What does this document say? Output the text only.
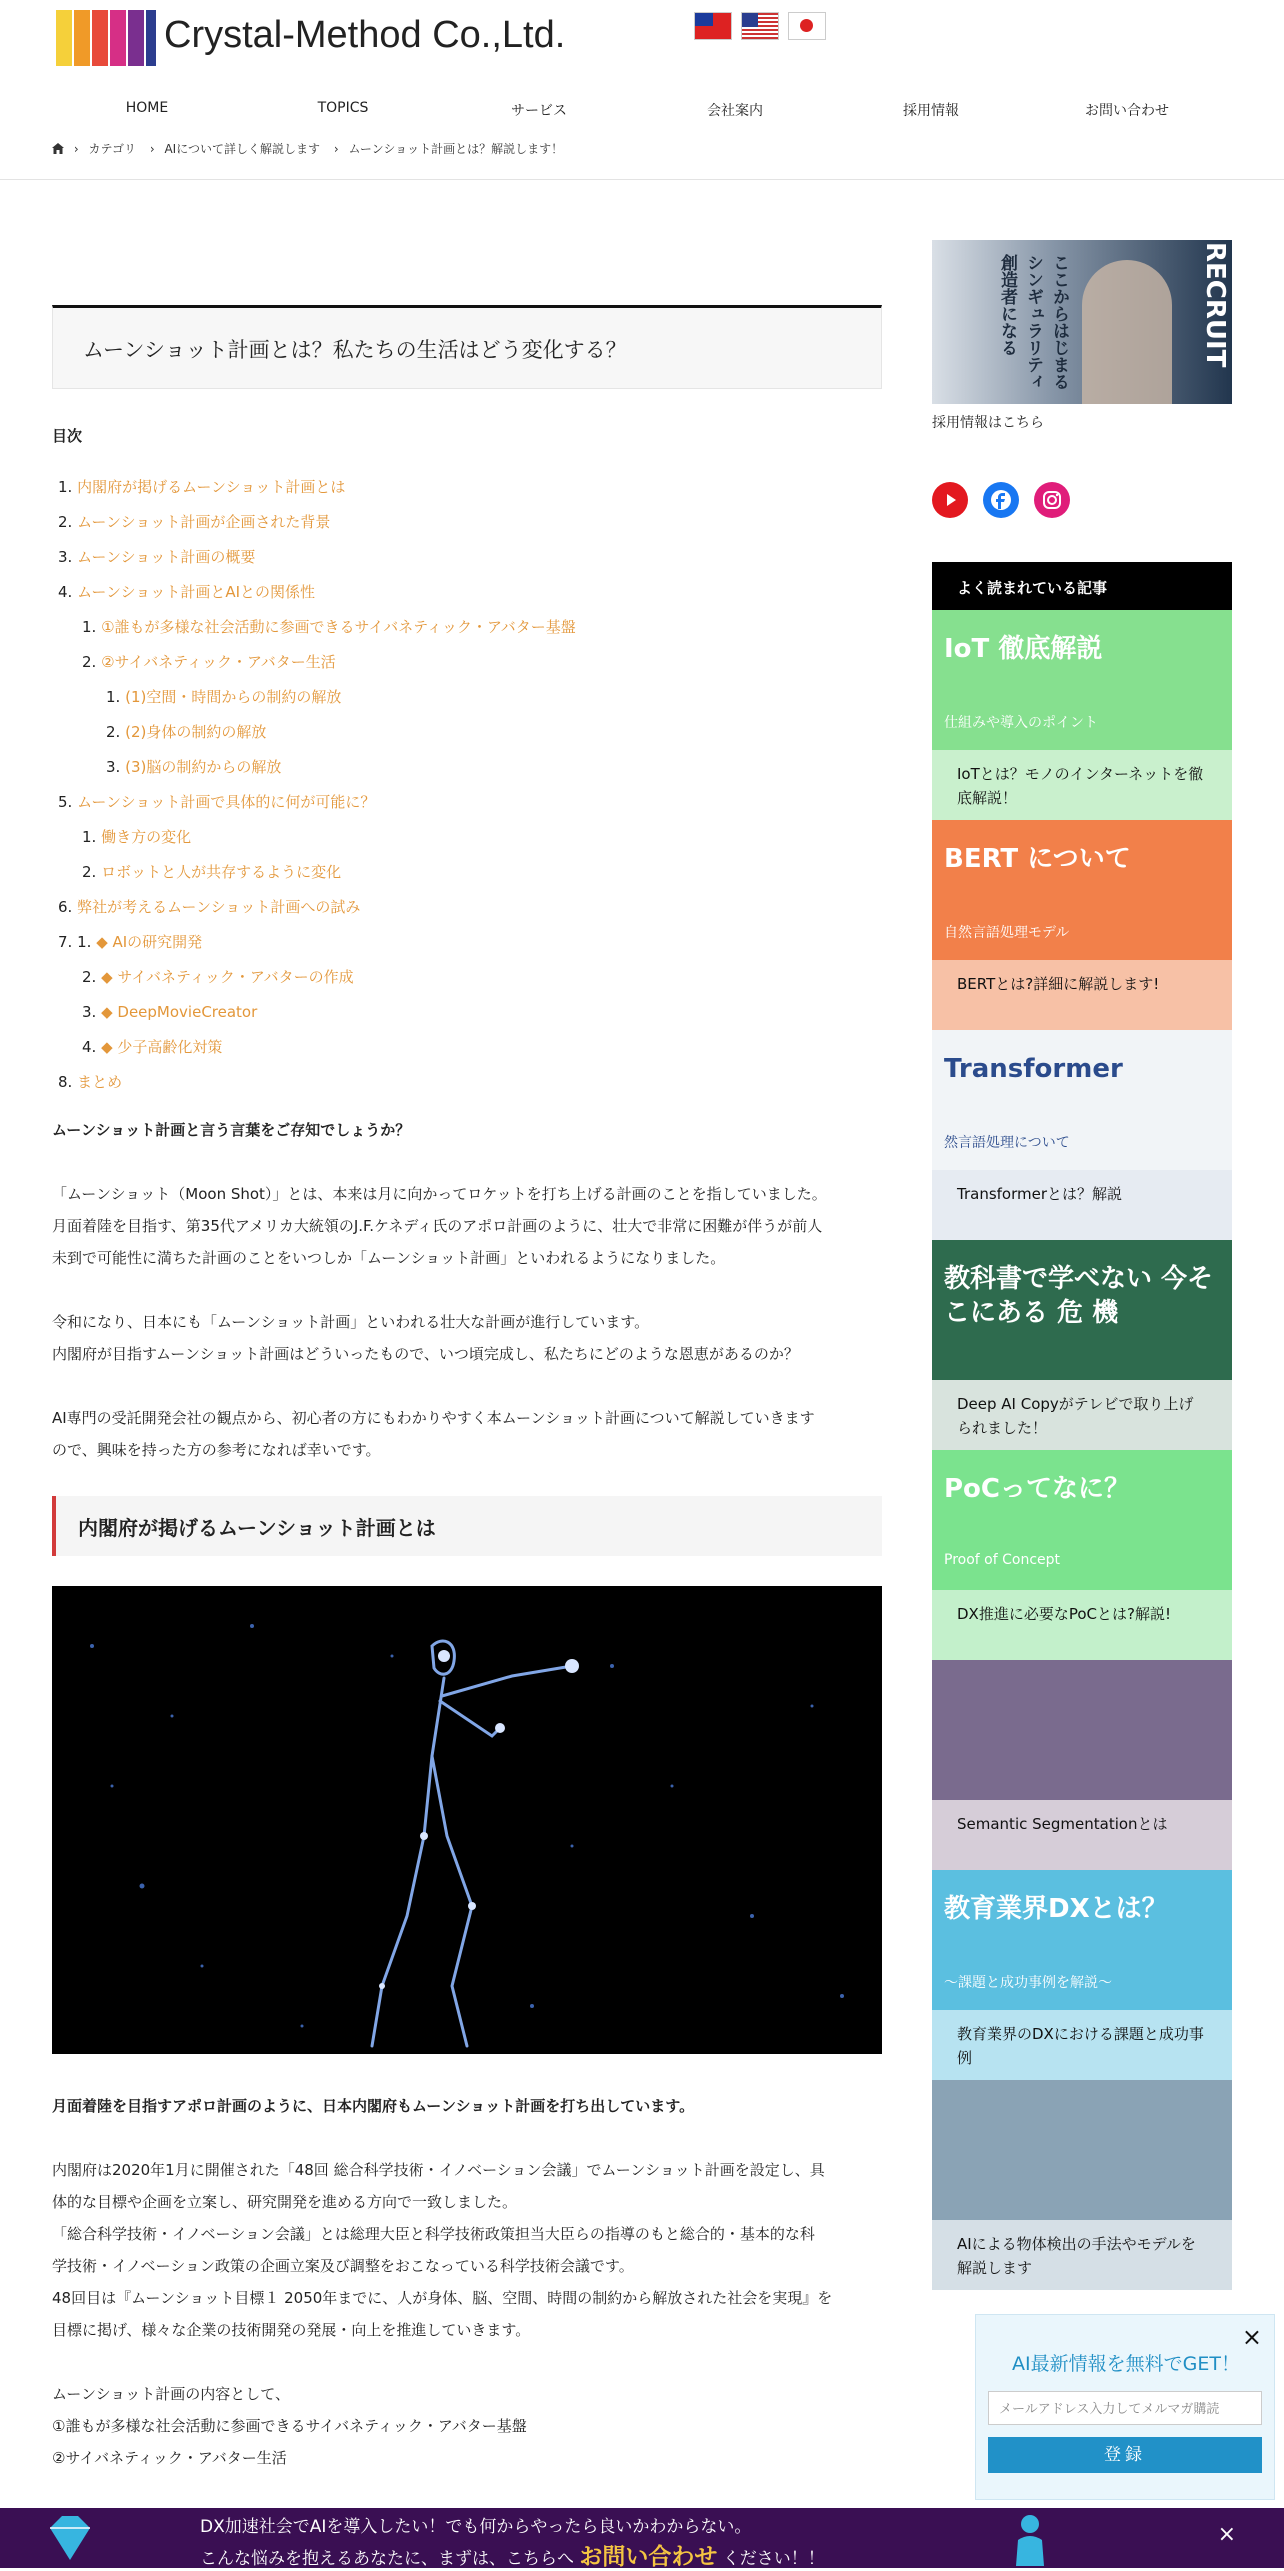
Crystal-Method Co.,Ltd.

HOME	TOPICS	サービス	会社案内	採用情報	お問い合わせ
› カテゴリ › AIについて詳しく解説します › ムーンショット計画とは？解説します！
ムーンショット計画とは？私たちの生活はどう変化する？
目次
1. 内閣府が掲げるムーンショット計画とは
2. ムーンショット計画が企画された背景
3. ムーンショット計画の概要
4. ムーンショット計画とAIとの関係性
1. ①誰もが多様な社会活動に参画できるサイバネティック・アバター基盤
2. ②サイバネティック・アバター生活
1. (1)空間・時間からの制約の解放
2. (2)身体の制約の解放
3. (3)脳の制約からの解放
5. ムーンショット計画で具体的に何が可能に？
1. 働き方の変化
2. ロボットと人が共存するように変化
6. 弊社が考えるムーンショット計画への試み
7. 1. ◆ AIの研究開発
2. ◆ サイバネティック・アバターの作成
3. ◆ DeepMovieCreator
4. ◆ 少子高齢化対策
8. まとめ
ムーンショット計画と言う言葉をご存知でしょうか？
「ムーンショット（Moon Shot）」とは、本来は月に向かってロケットを打ち上げる計画のことを指していました。
月面着陸を目指す、第35代アメリカ大統領のJ.F.ケネディ氏のアポロ計画のように、壮大で非常に困難が伴うが前人
未到で可能性に満ちた計画のことをいつしか「ムーンショット計画」といわれるようになりました。
令和になり、日本にも「ムーンショット計画」といわれる壮大な計画が進行しています。
内閣府が目指すムーンショット計画はどういったもので、いつ頃完成し、私たちにどのような恩恵があるのか？
AI専門の受託開発会社の観点から、初心者の方にもわかりやすく本ムーンショット計画について解説していきます
ので、興味を持った方の参考になれば幸いです。
内閣府が掲げるムーンショット計画とは
月面着陸を目指すアポロ計画のように、日本内閣府もムーンショット計画を打ち出しています。
内閣府は2020年1月に開催された「48回 総合科学技術・イノベーション会議」でムーンショット計画を設定し、具
体的な目標や企画を立案し、研究開発を進める方向で一致しました。
「総合科学技術・イノベーション会議」とは総理大臣と科学技術政策担当大臣らの指導のもと総合的・基本的な科
学技術・イノベーション政策の企画立案及び調整をおこなっている科学技術会議です。
48回目は『ムーンショット目標１ 2050年までに、人が身体、脳、空間、時間の制約から解放された社会を実現』を
目標に掲げ、様々な企業の技術開発の発展・向上を推進していきます。
ムーンショット計画の内容として、
①誰もが多様な社会活動に参画できるサイバネティック・アバター基盤
②サイバネティック・アバター生活
ここからはじまる シンギュラリティ 創造者になる	RECRUIT
採用情報はこちら

よく読まれている記事
IoT 徹底解説
仕組みや導入のポイント
IoTとは？モノのインターネットを徹底解説！
BERT について
自然言語処理モデル
BERTとは?詳細に解説します!
Transformer
然言語処理について
Transformerとは？解説
教科書で学べない 今そこにある 危 機
Deep AI Copyがテレビで取り上げられました！
PoCってなに？
Proof of Concept
DX推進に必要なPoCとは?解説!
Semantic Segmentationとは
教育業界DXとは？
〜課題と成功事例を解説〜
教育業界のDXにおける課題と成功事例
AIによる物体検出の手法やモデルを解説します
×
AI最新情報を無料でGET！
メールアドレス入力してメルマガ購読
登録
DX加速社会でAIを導入したい！でも何からやったら良いかわからない。
こんな悩みを抱えるあなたに、まずは、こちらへ お問い合わせ ください！！
×
